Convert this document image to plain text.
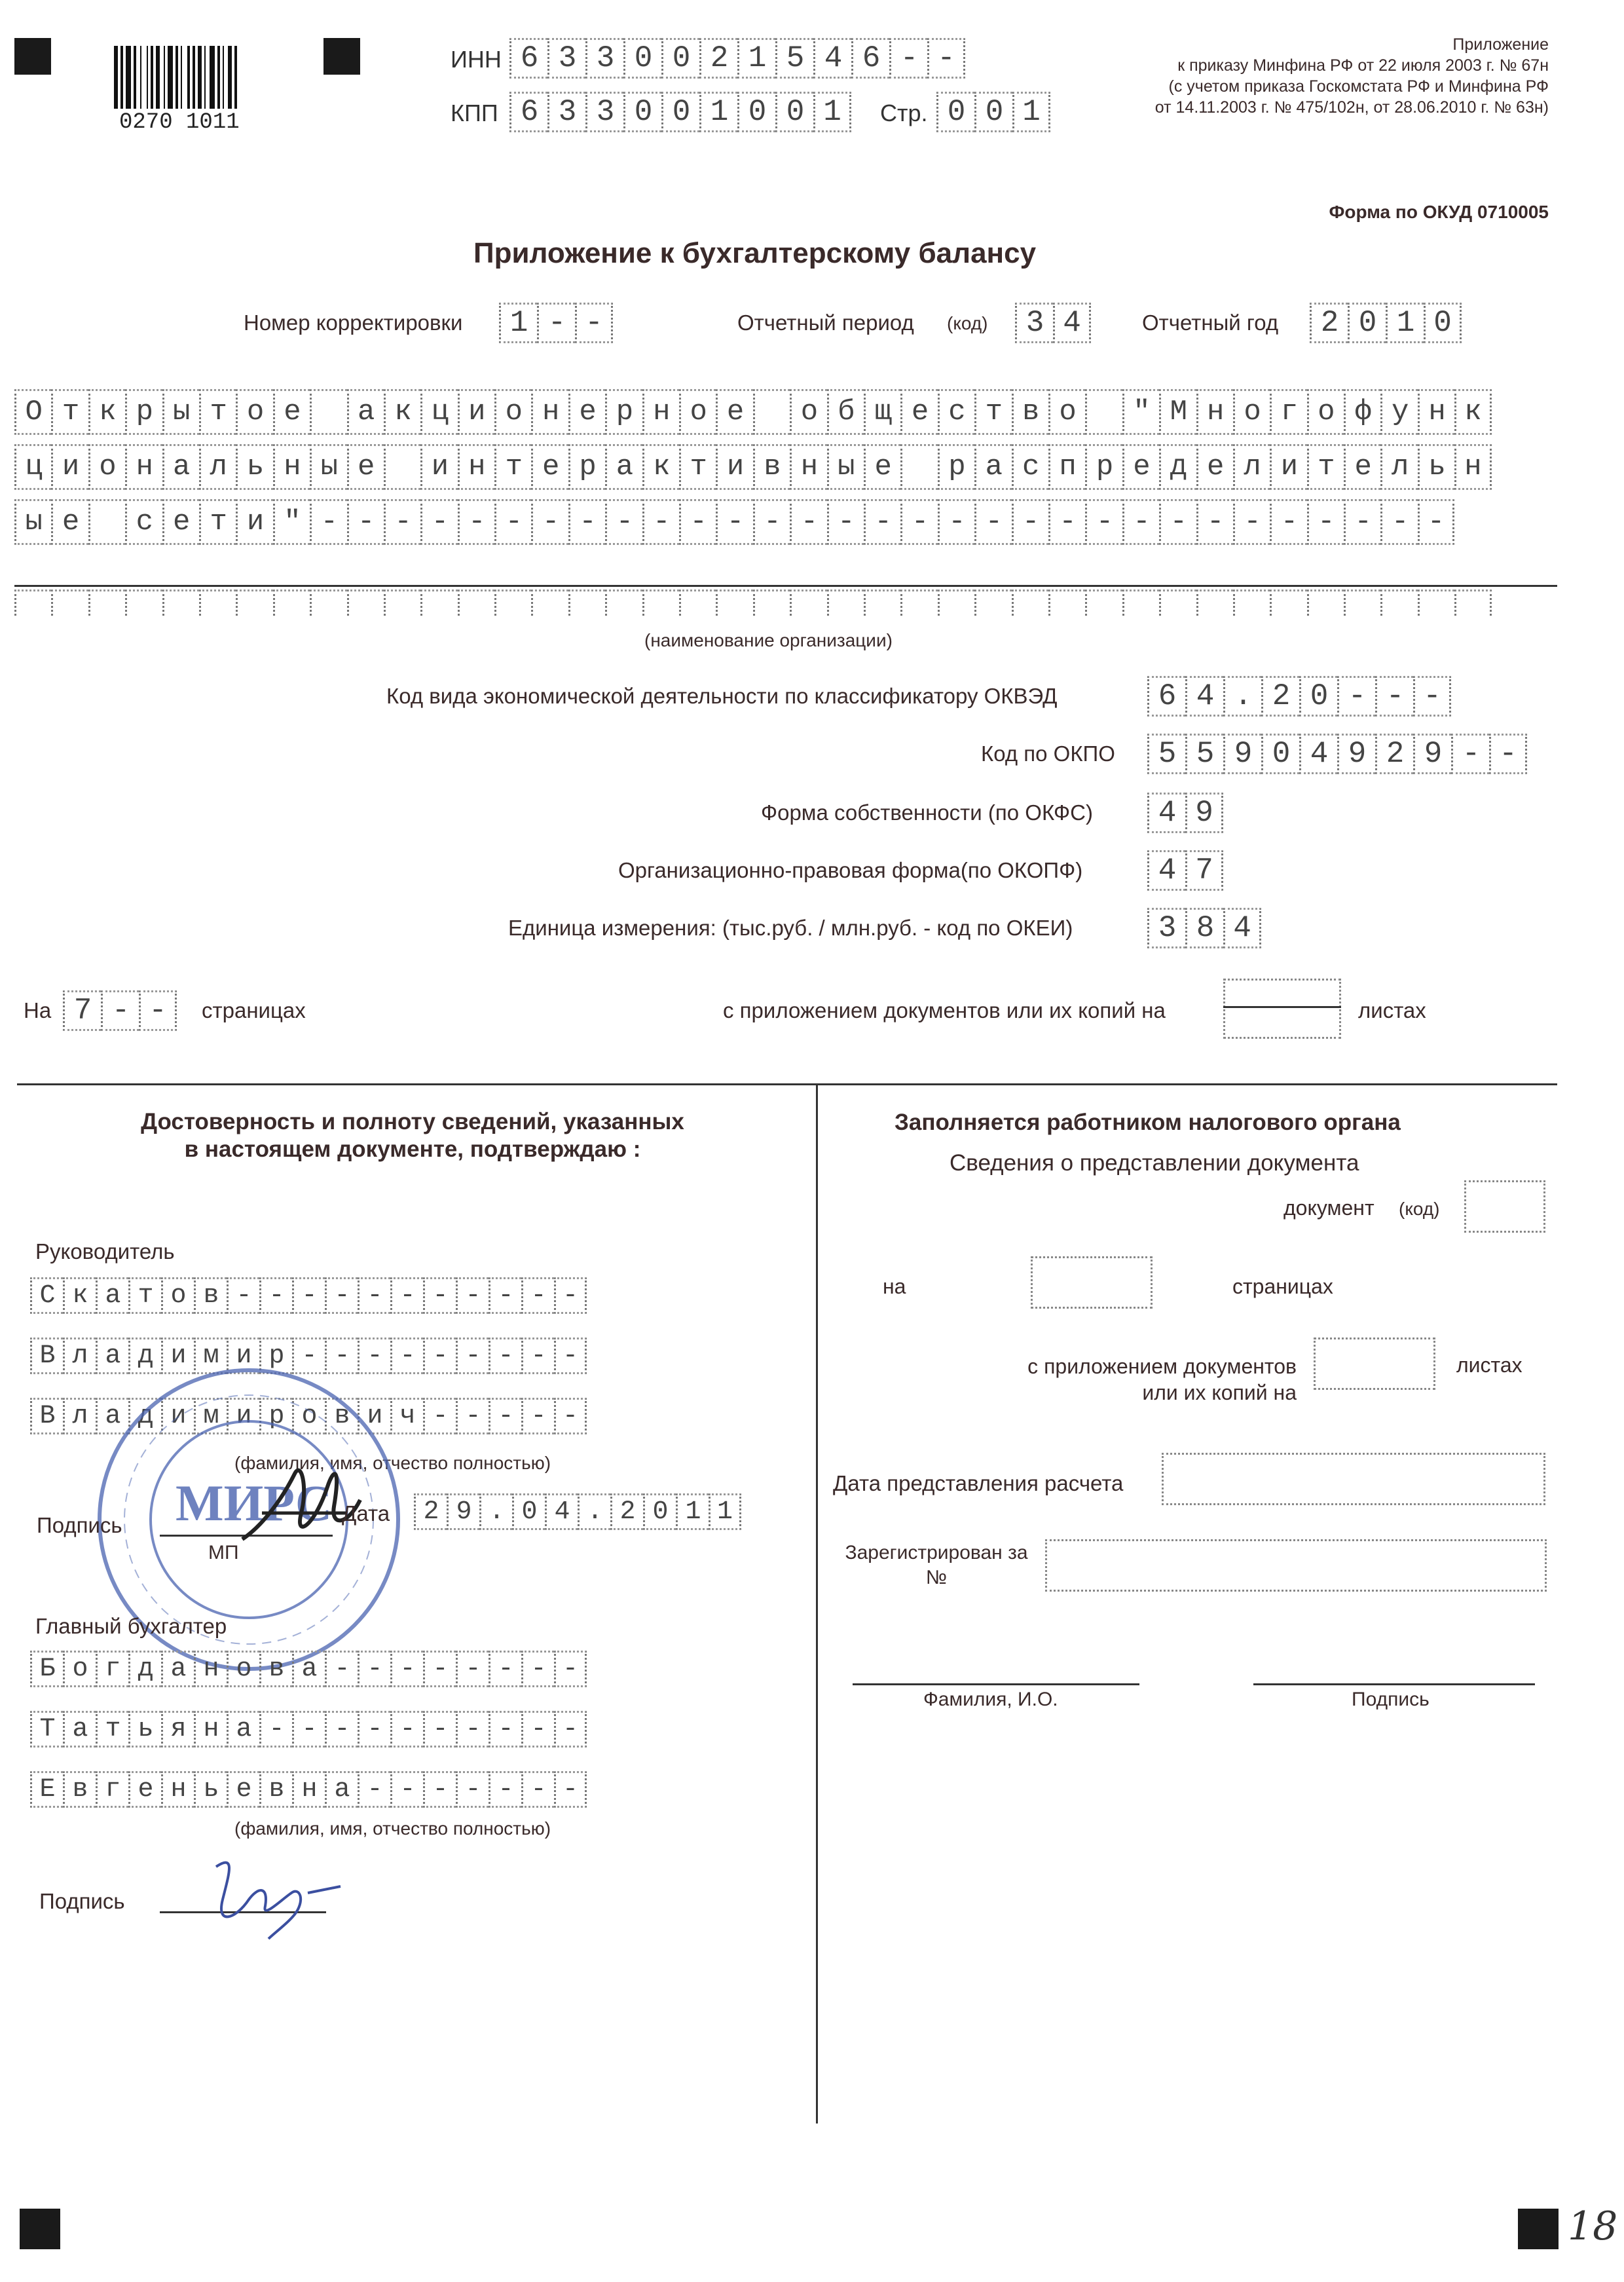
0270 1011
ИНН 6 3 3 0 0 2 1 5 4 6 - -
КПП 6 3 3 0 0 1 0 0 1	Стр. 0 0 1
Приложение
к приказу Минфина РФ от 22 июля 2003 г. № 67н
(с учетом приказа Госкомстата РФ и Минфина РФ
от 14.11.2003 г. № 475/102н, от 28.06.2010 г. № 63н)
Форма по ОКУД 0710005
Приложение к бухгалтерскому балансу
Номер корректировки	1 - -	Отчетный период (код)	3 4	Отчетный год	2 0 1 0
О т к р ы т о е	а к ц и о н е р н о е	о б щ е с т в о	" М н о г о ф у н к
ц и о н а л ь н ы е	и н т е р а к т и в н ы е	р а с п р е д е л и т е л ь н
ы е	с е т и " - - - - - - - - - - - - - - - - - - - - - - - - - - - - - - -
(наименование организации)
Код вида экономической деятельности по классификатору ОКВЭД	6 4 . 2 0 - - -
Код по ОКПО	5 5 9 0 4 9 2 9 - -
Форма собственности (по ОКФС)	4 9
Организационно-правовая форма(по ОКОПФ)	4 7
Единица измерения: (тыс.руб. / млн.руб. - код по ОКЕИ)	3 8 4
На 7 - -	страницах	с приложением документов или их копий на	листах
Достоверность и полноту сведений, указанных
в настоящем документе, подтверждаю :
Руководитель
С к а т о в - - - - - - - - - - -
В л а д и м и р - - - - - - - - -
В л а д и м и р о в и ч - - - - -
(фамилия, имя, отчество полностью)
МИРС
Подпись	Дата	2 9 . 0 4 . 2 0 1 1
МП
Главный бухгалтер
Б о г д а н о в а - - - - - - - -
Т а т ь я н а - - - - - - - - - -
Е в г е н ь е в н а - - - - - - -
(фамилия, имя, отчество полностью)
Подпись
Заполняется работником налогового органа
Сведения о представлении документа
документ (код)
на	страницах
с приложением документов
или их копий на
листах
Дата представления расчета
Зарегистрирован за
№
Фамилия, И.О.	Подпись
18
